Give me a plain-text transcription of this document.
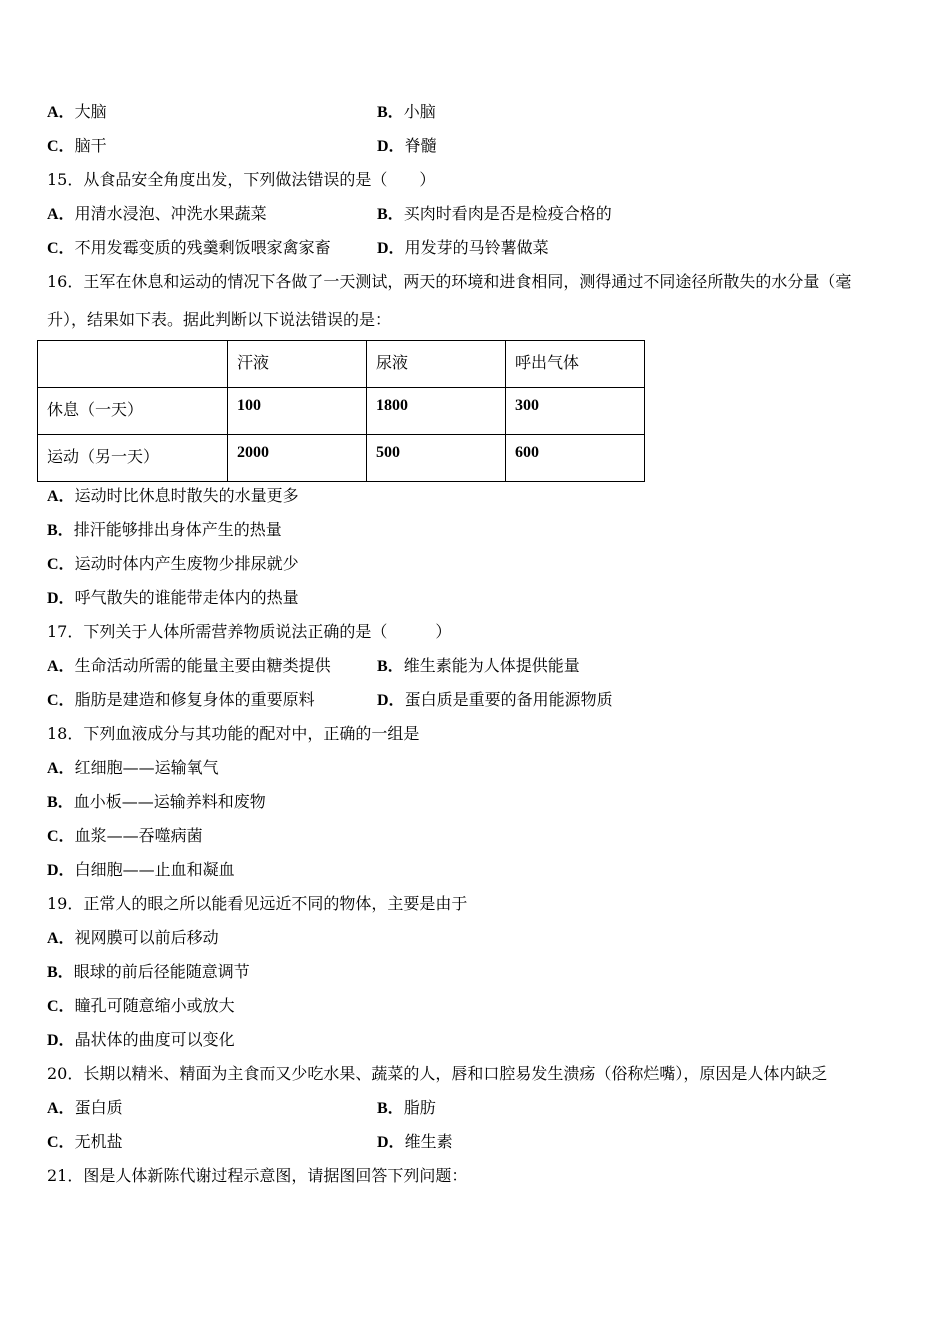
A．大脑	B．小脑
C．脑干	D．脊髓
15．从食品安全角度出发，下列做法错误的是（　　）
A．用清水浸泡、冲洗水果蔬菜	B．买肉时看肉是否是检疫合格的
C．不用发霉变质的残羹剩饭喂家禽家畜	D．用发芽的马铃薯做菜
16．王军在休息和运动的情况下各做了一天测试，两天的环境和进食相同，测得通过不同途径所散失的水分量（毫
升），结果如下表。据此判断以下说法错误的是：

	汗液	尿液	呼出气体

休息（一天）	100	1800	300

运动（另一天）	2000	500	600
A．运动时比休息时散失的水量更多
B．排汗能够排出身体产生的热量
C．运动时体内产生废物少排尿就少
D．呼气散失的谁能带走体内的热量
17．下列关于人体所需营养物质说法正确的是（　　　）
A．生命活动所需的能量主要由糖类提供	B．维生素能为人体提供能量
C．脂肪是建造和修复身体的重要原料	D．蛋白质是重要的备用能源物质
18．下列血液成分与其功能的配对中，正确的一组是
A．红细胞——运输氧气
B．血小板——运输养料和废物
C．血浆——吞噬病菌
D．白细胞——止血和凝血
19．正常人的眼之所以能看见远近不同的物体，主要是由于
A．视网膜可以前后移动
B．眼球的前后径能随意调节
C．瞳孔可随意缩小或放大
D．晶状体的曲度可以变化
20．长期以精米、精面为主食而又少吃水果、蔬菜的人，唇和口腔易发生溃疡（俗称烂嘴），原因是人体内缺乏
A．蛋白质	B．脂肪
C．无机盐	D．维生素
21．图是人体新陈代谢过程示意图，请据图回答下列问题：
